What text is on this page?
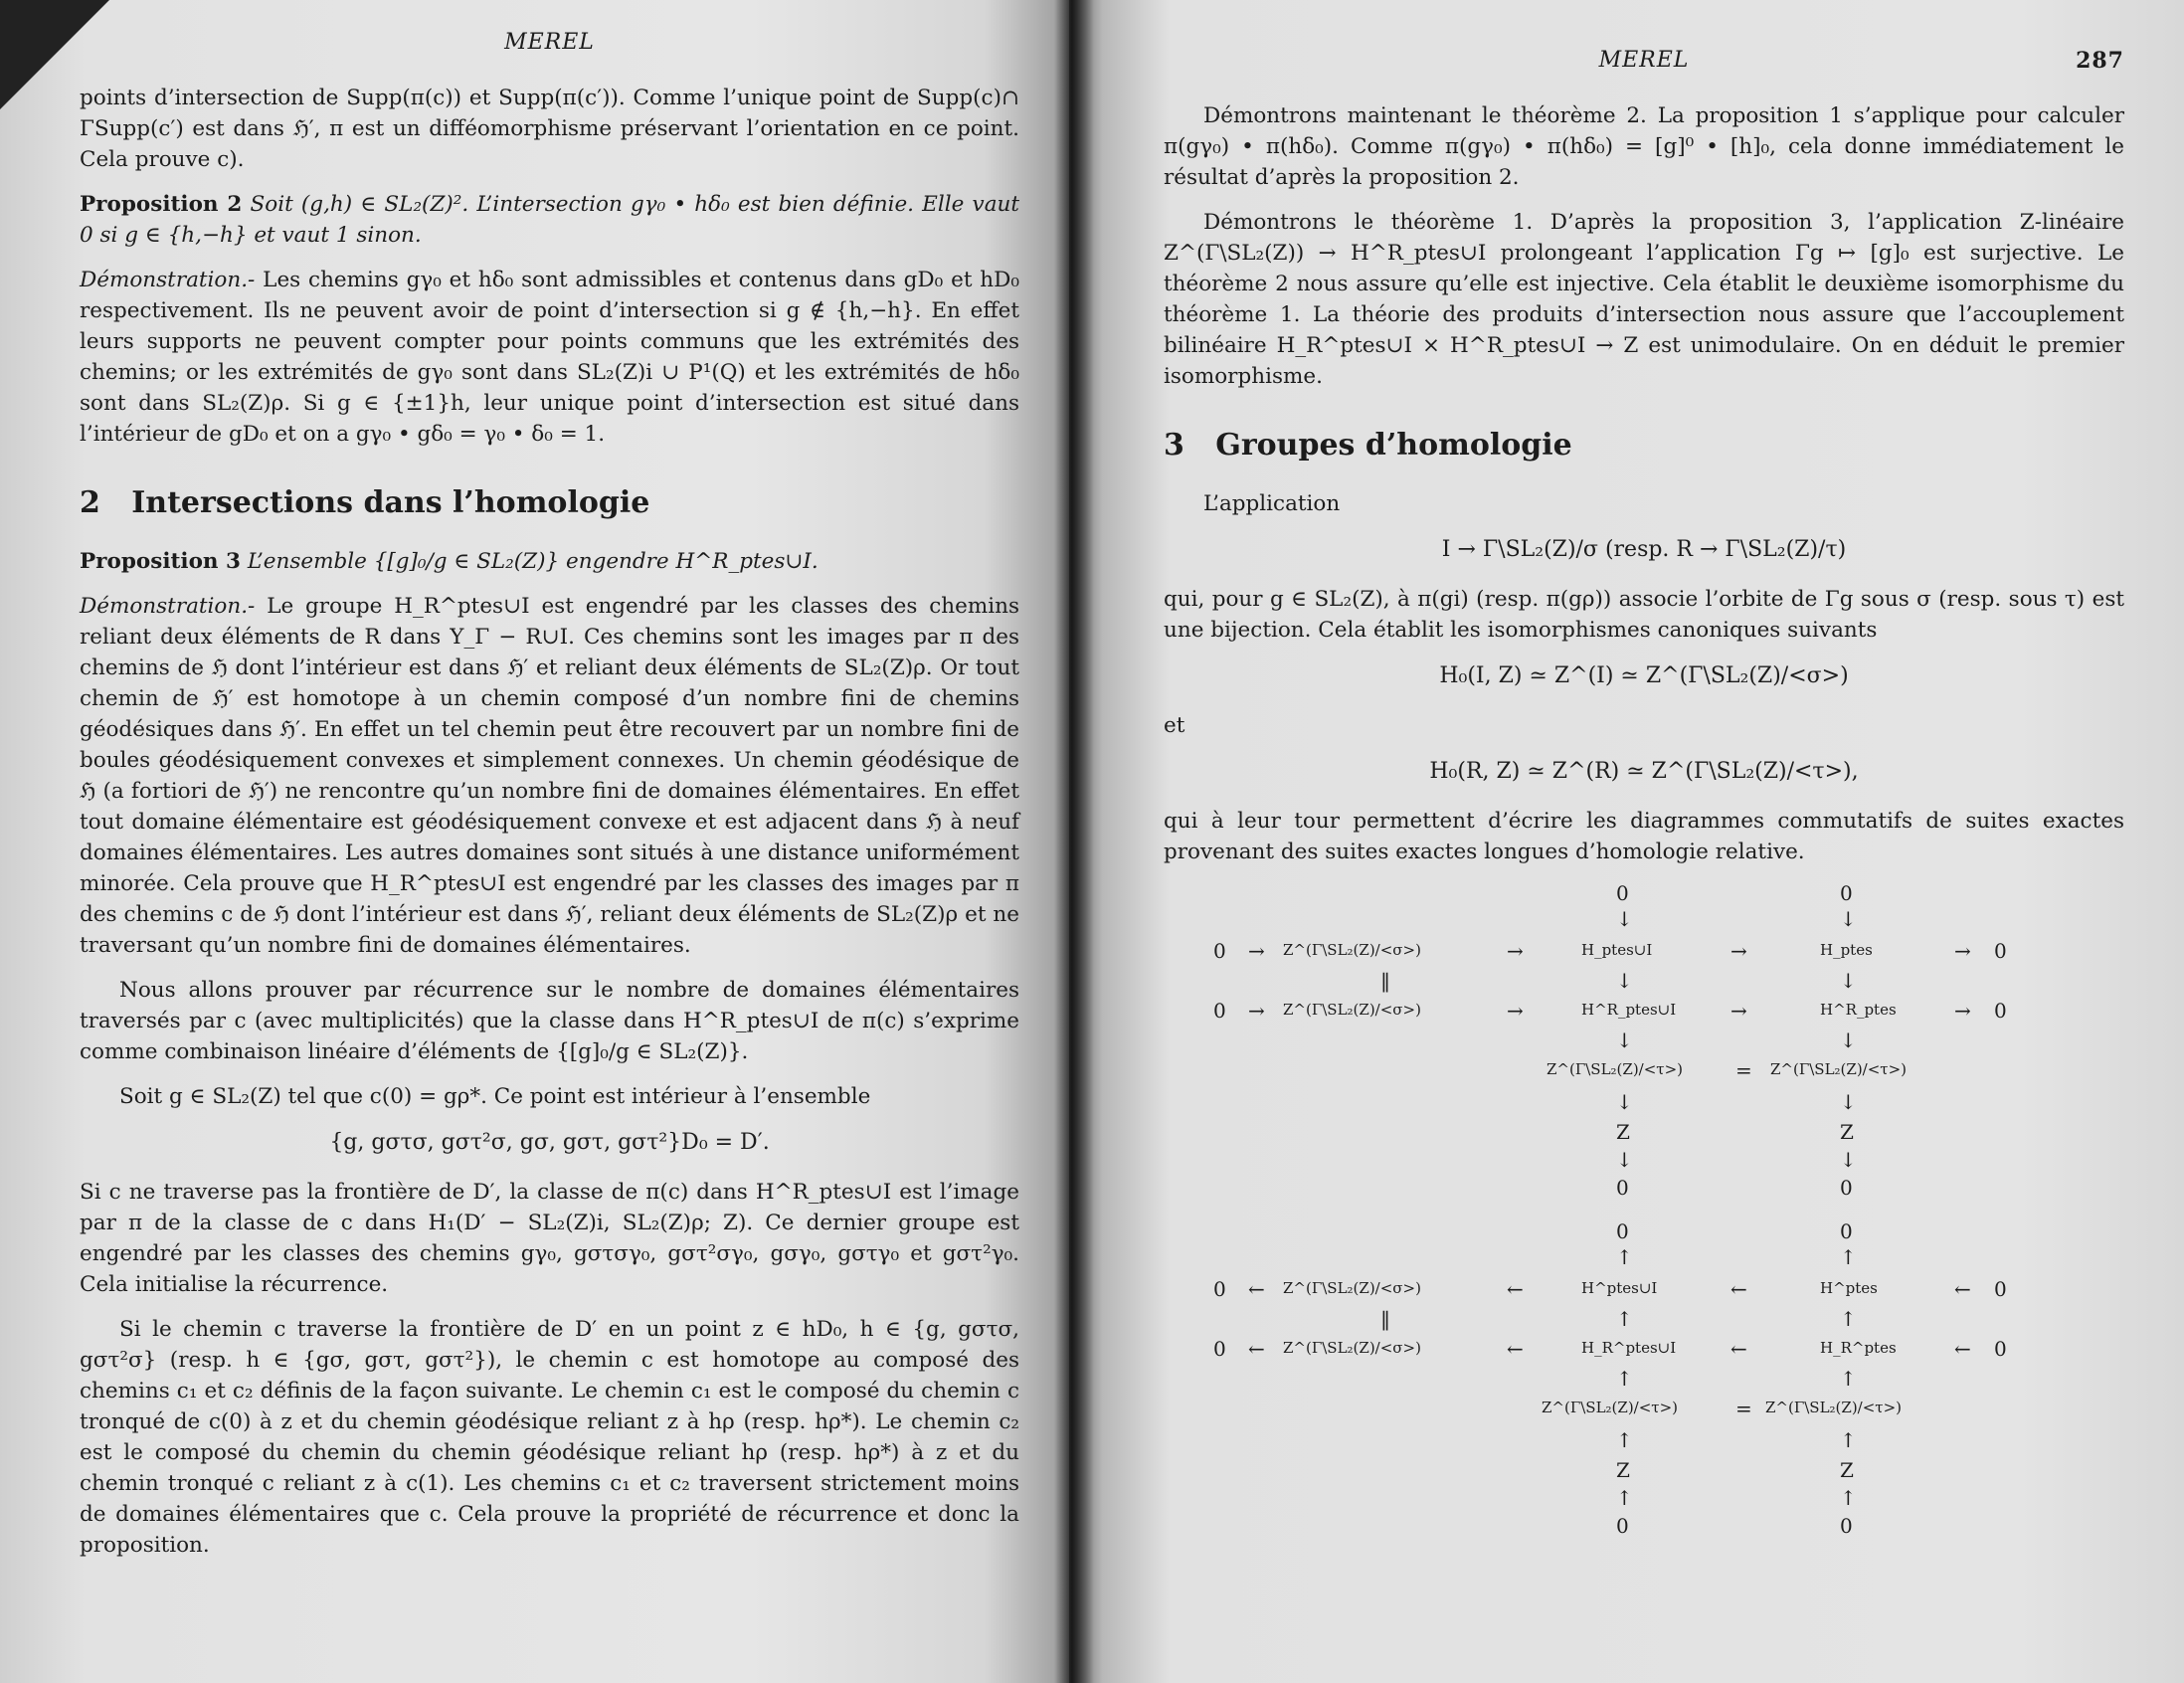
MEREL

points d’intersection de Supp(π(c)) et Supp(π(c′)). Comme l’unique point de Supp(c)∩ ΓSupp(c′) est dans ℌ′, π est un difféomorphisme préservant l’orientation en ce point. Cela prouve c).

Proposition 2 Soit (g,h) ∈ SL₂(Z)². L’intersection gγ₀ • hδ₀ est bien définie. Elle vaut 0 si g ∈ {h,−h} et vaut 1 sinon.

Démonstration.- Les chemins gγ₀ et hδ₀ sont admissibles et contenus dans gD₀ et hD₀ respectivement. Ils ne peuvent avoir de point d’intersection si g ∉ {h,−h}. En effet leurs supports ne peuvent compter pour points communs que les extrémités des chemins; or les extrémités de gγ₀ sont dans SL₂(Z)i ∪ P¹(Q) et les extrémités de hδ₀ sont dans SL₂(Z)ρ. Si g ∈ {±1}h, leur unique point d’intersection est situé dans l’intérieur de gD₀ et on a gγ₀ • gδ₀ = γ₀ • δ₀ = 1.

2 Intersections dans l’homologie

Proposition 3 L’ensemble {[g]₀/g ∈ SL₂(Z)} engendre H^R_ptes∪I.

Démonstration.- Le groupe H_R^ptes∪I est engendré par les classes des chemins reliant deux éléments de R dans Y_Γ − R∪I. Ces chemins sont les images par π des chemins de ℌ dont l’intérieur est dans ℌ′ et reliant deux éléments de SL₂(Z)ρ. Or tout chemin de ℌ′ est homotope à un chemin composé d’un nombre fini de chemins géodésiques dans ℌ′. En effet un tel chemin peut être recouvert par un nombre fini de boules géodésiquement convexes et simplement connexes. Un chemin géodésique de ℌ (a fortiori de ℌ′) ne rencontre qu’un nombre fini de domaines élémentaires. En effet tout domaine élémentaire est géodésiquement convexe et est adjacent dans ℌ à neuf domaines élémentaires. Les autres domaines sont situés à une distance uniformément minorée. Cela prouve que H_R^ptes∪I est engendré par les classes des images par π des chemins c de ℌ dont l’intérieur est dans ℌ′, reliant deux éléments de SL₂(Z)ρ et ne traversant qu’un nombre fini de domaines élémentaires.

Nous allons prouver par récurrence sur le nombre de domaines élémentaires traversés par c (avec multiplicités) que la classe dans H^R_ptes∪I de π(c) s’exprime comme combinaison linéaire d’éléments de {[g]₀/g ∈ SL₂(Z)}.

Soit g ∈ SL₂(Z) tel que c(0) = gρ*. Ce point est intérieur à l’ensemble

{g, gστσ, gστ²σ, gσ, gστ, gστ²}D₀ = D′.

Si c ne traverse pas la frontière de D′, la classe de π(c) dans H^R_ptes∪I est l’image par π de la classe de c dans H₁(D′ − SL₂(Z)i, SL₂(Z)ρ; Z). Ce dernier groupe est engendré par les classes des chemins gγ₀, gστσγ₀, gστ²σγ₀, gσγ₀, gστγ₀ et gστ²γ₀. Cela initialise la récurrence.

Si le chemin c traverse la frontière de D′ en un point z ∈ hD₀, h ∈ {g, gστσ, gστ²σ} (resp. h ∈ {gσ, gστ, gστ²}), le chemin c est homotope au composé des chemins c₁ et c₂ définis de la façon suivante. Le chemin c₁ est le composé du chemin c tronqué de c(0) à z et du chemin géodésique reliant z à hρ (resp. hρ*). Le chemin c₂ est le composé du chemin du chemin géodésique reliant hρ (resp. hρ*) à z et du chemin tronqué c reliant z à c(1). Les chemins c₁ et c₂ traversent strictement moins de domaines élémentaires que c. Cela prouve la propriété de récurrence et donc la proposition.

MEREL	287

Démontrons maintenant le théorème 2. La proposition 1 s’applique pour calculer π(gγ₀) • π(hδ₀). Comme π(gγ₀) • π(hδ₀) = [g]⁰ • [h]₀, cela donne immédiatement le résultat d’après la proposition 2.

Démontrons le théorème 1. D’après la proposition 3, l’application Z-linéaire Z^(Γ\SL₂(Z)) → H^R_ptes∪I prolongeant l’application Γg ↦ [g]₀ est surjective. Le théorème 2 nous assure qu’elle est injective. Cela établit le deuxième isomorphisme du théorème 1. La théorie des produits d’intersection nous assure que l’accouplement bilinéaire H_R^ptes∪I × H^R_ptes∪I → Z est unimodulaire. On en déduit le premier isomorphisme.

3 Groupes d’homologie

L’application

I → Γ\SL₂(Z)/σ (resp. R → Γ\SL₂(Z)/τ)

qui, pour g ∈ SL₂(Z), à π(gi) (resp. π(gρ)) associe l’orbite de Γg sous σ (resp. sous τ) est une bijection. Cela établit les isomorphismes canoniques suivants

H₀(I, Z) ≃ Z^(I) ≃ Z^(Γ\SL₂(Z)/<σ>)

et

H₀(R, Z) ≃ Z^(R) ≃ Z^(Γ\SL₂(Z)/<τ>),

qui à leur tour permettent d’écrire les diagrammes commutatifs de suites exactes provenant des suites exactes longues d’homologie relative.

0	0
↓	↓
0 → Z^(Γ\SL₂(Z)/<σ>)	→	H_ptes∪I	→	H_ptes	→ 0
‖	↓	↓
0 → Z^(Γ\SL₂(Z)/<σ>)	→	H^R_ptes∪I	→	H^R_ptes	→ 0
↓	↓
Z^(Γ\SL₂(Z)/<τ>)	= Z^(Γ\SL₂(Z)/<τ>)
↓	↓
Z	Z
↓	↓
0	0
0	0
↑	↑
0 ← Z^(Γ\SL₂(Z)/<σ>)	←	H^ptes∪I	←	H^ptes	← 0
‖	↑	↑
0 ← Z^(Γ\SL₂(Z)/<σ>)	←	H_R^ptes∪I	←	H_R^ptes	← 0
↑	↑
Z^(Γ\SL₂(Z)/<τ>)	= Z^(Γ\SL₂(Z)/<τ>)
↑	↑
Z	Z
↑	↑
0	0
